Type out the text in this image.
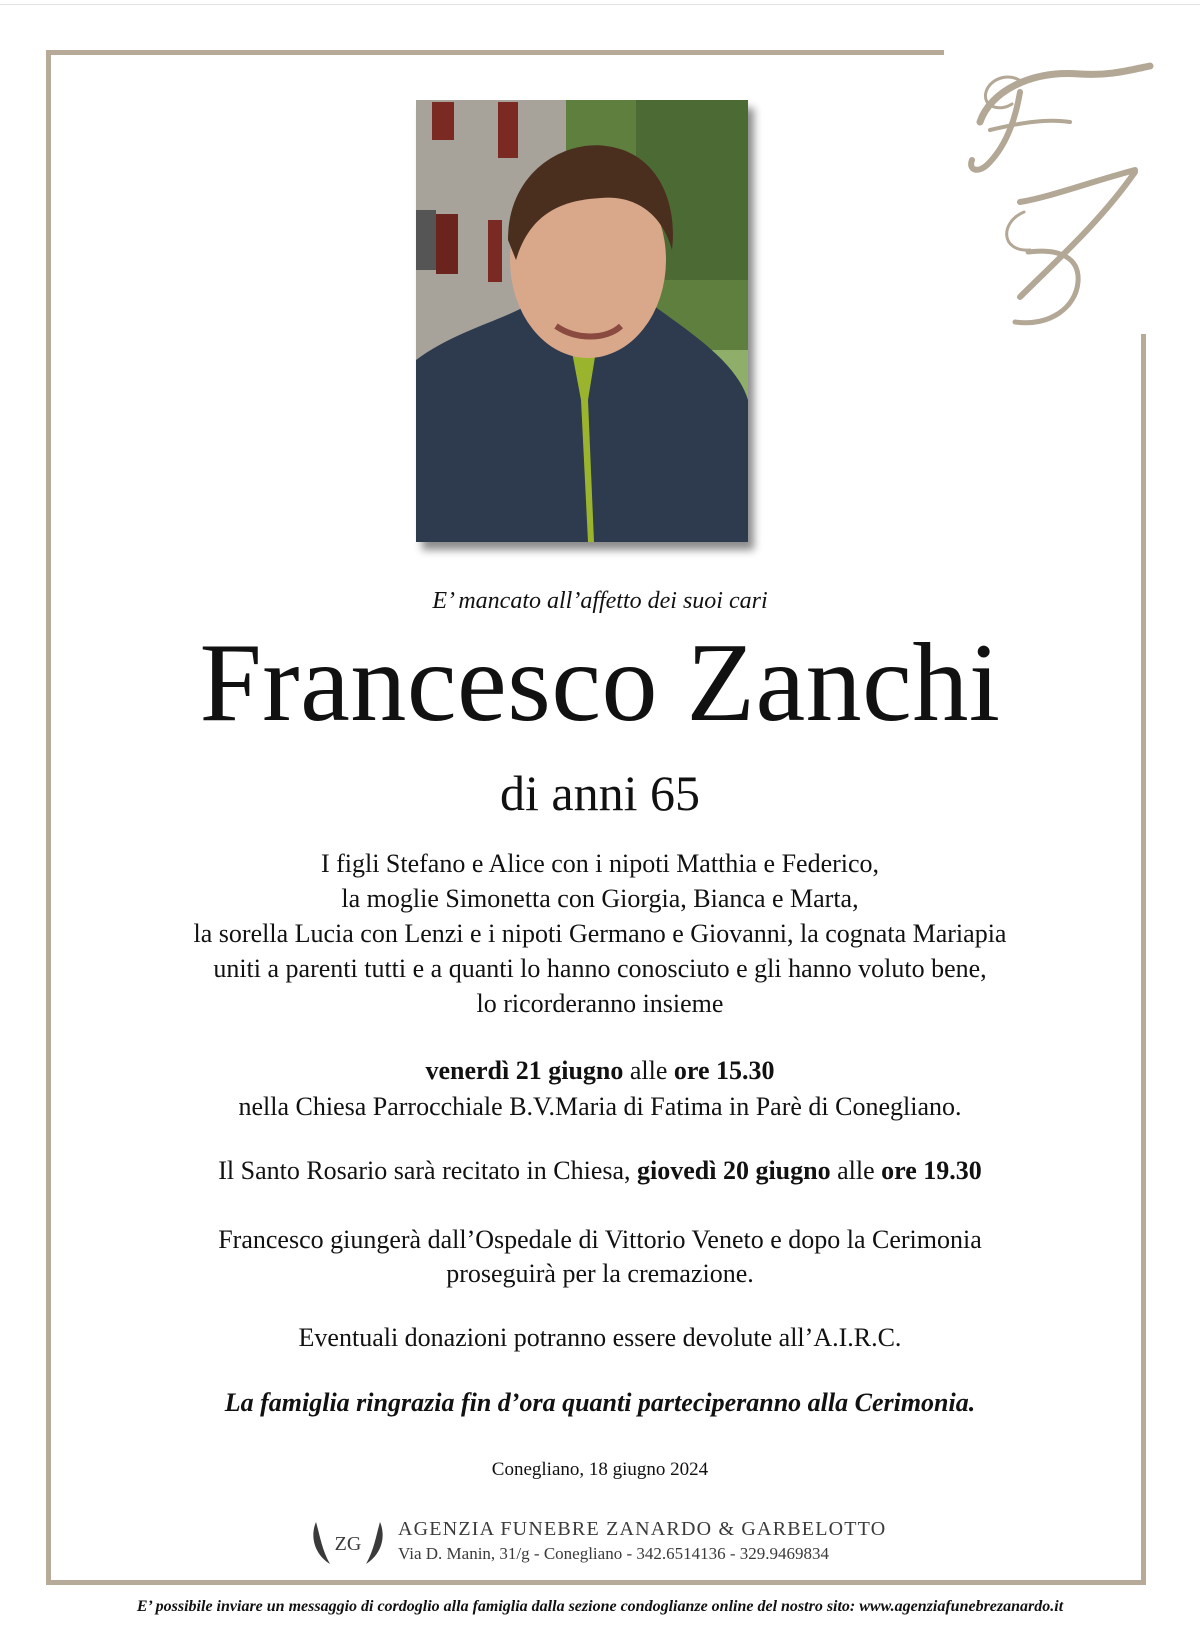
E’ mancato all’affetto dei suoi cari
Francesco Zanchi
di anni 65
I figli Stefano e Alice con i nipoti Matthia e Federico,
la moglie Simonetta con Giorgia, Bianca e Marta,
la sorella Lucia con Lenzi e i nipoti Germano e Giovanni, la cognata Mariapia
uniti a parenti tutti e a quanti lo hanno conosciuto e gli hanno voluto bene,
lo ricorderanno insieme
venerdì 21 giugno alle ore 15.30
nella Chiesa Parrocchiale B.V.Maria di Fatima in Parè di Conegliano.
Il Santo Rosario sarà recitato in Chiesa, giovedì 20 giugno alle ore 19.30
Francesco giungerà dall’Ospedale di Vittorio Veneto e dopo la Cerimonia
proseguirà per la cremazione.
Eventuali donazioni potranno essere devolute all’A.I.R.C.
La famiglia ringrazia fin d’ora quanti parteciperanno alla Cerimonia.
Conegliano, 18 giugno 2024
ZG
AGENZIA FUNEBRE ZANARDO & GARBELOTTO
Via D. Manin, 31/g - Conegliano - 342.6514136 - 329.9469834
E’ possibile inviare un messaggio di cordoglio alla famiglia dalla sezione condoglianze online del nostro sito: www.agenziafunebrezanardo.it
